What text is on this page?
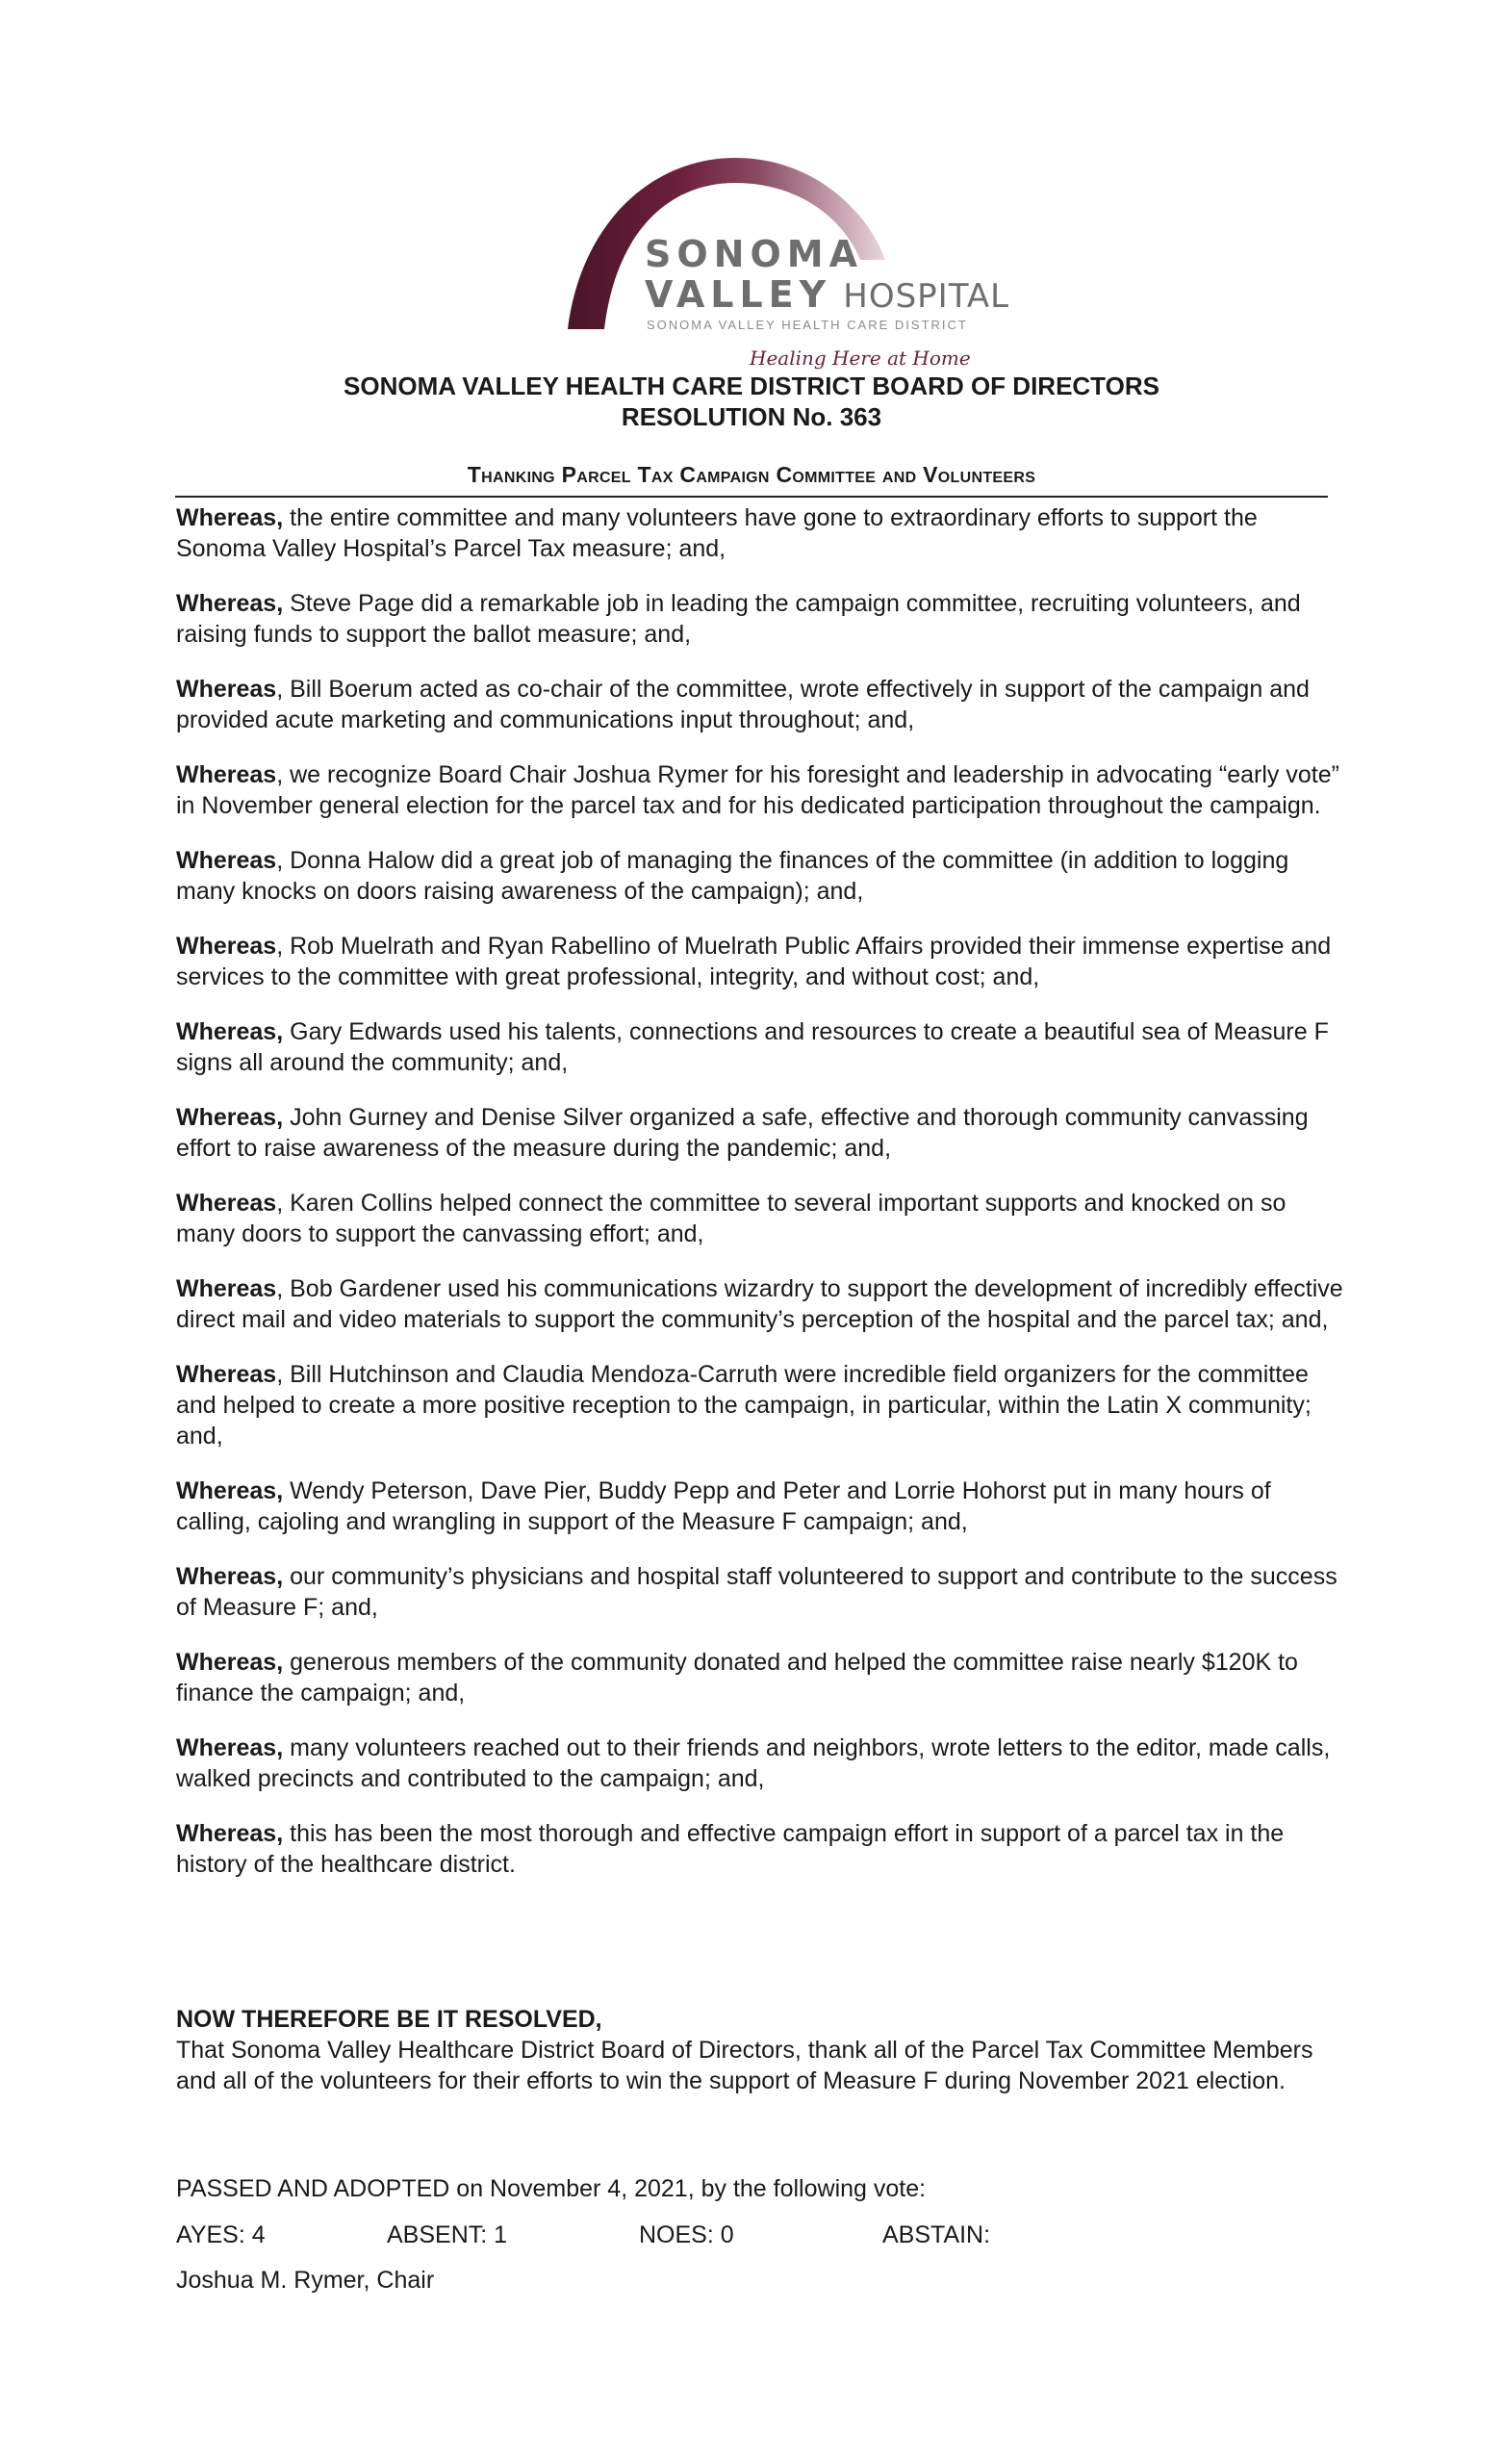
SONOMA
VALLEY HOSPITAL
SONOMA VALLEY HEALTH CARE DISTRICT
Healing Here at Home
SONOMA VALLEY HEALTH CARE DISTRICT BOARD OF DIRECTORS
RESOLUTION No. 363
Thanking Parcel Tax Campaign Committee and Volunteers

Whereas, the entire committee and many volunteers have gone to extraordinary efforts to support the Sonoma Valley Hospital’s Parcel Tax measure; and,

Whereas, Steve Page did a remarkable job in leading the campaign committee, recruiting volunteers, and raising funds to support the ballot measure; and,

Whereas, Bill Boerum acted as co-chair of the committee, wrote effectively in support of the campaign and provided acute marketing and communications input throughout; and,

Whereas, we recognize Board Chair Joshua Rymer for his foresight and leadership in advocating “early vote” in November general election for the parcel tax and for his dedicated participation throughout the campaign.

Whereas, Donna Halow did a great job of managing the finances of the committee (in addition to logging many knocks on doors raising awareness of the campaign); and,

Whereas, Rob Muelrath and Ryan Rabellino of Muelrath Public Affairs provided their immense expertise and services to the committee with great professional, integrity, and without cost; and,

Whereas, Gary Edwards used his talents, connections and resources to create a beautiful sea of Measure F signs all around the community; and,

Whereas, John Gurney and Denise Silver organized a safe, effective and thorough community canvassing effort to raise awareness of the measure during the pandemic; and,

Whereas, Karen Collins helped connect the committee to several important supports and knocked on so many doors to support the canvassing effort; and,

Whereas, Bob Gardener used his communications wizardry to support the development of incredibly effective direct mail and video materials to support the community’s perception of the hospital and the parcel tax; and,

Whereas, Bill Hutchinson and Claudia Mendoza-Carruth were incredible field organizers for the committee and helped to create a more positive reception to the campaign, in particular, within the Latin X community; and,

Whereas, Wendy Peterson, Dave Pier, Buddy Pepp and Peter and Lorrie Hohorst put in many hours of calling, cajoling and wrangling in support of the Measure F campaign; and,

Whereas, our community’s physicians and hospital staff volunteered to support and contribute to the success of Measure F; and,

Whereas, generous members of the community donated and helped the committee raise nearly $120K to finance the campaign; and,

Whereas, many volunteers reached out to their friends and neighbors, wrote letters to the editor, made calls, walked precincts and contributed to the campaign; and,

Whereas, this has been the most thorough and effective campaign effort in support of a parcel tax in the history of the healthcare district.

NOW THEREFORE BE IT RESOLVED,
That Sonoma Valley Healthcare District Board of Directors, thank all of the Parcel Tax Committee Members and all of the volunteers for their efforts to win the support of Measure F during November 2021 election.
PASSED AND ADOPTED on November 4, 2021, by the following vote:
AYES: 4	ABSENT: 1	NOES: 0	ABSTAIN:
Joshua M. Rymer, Chair
